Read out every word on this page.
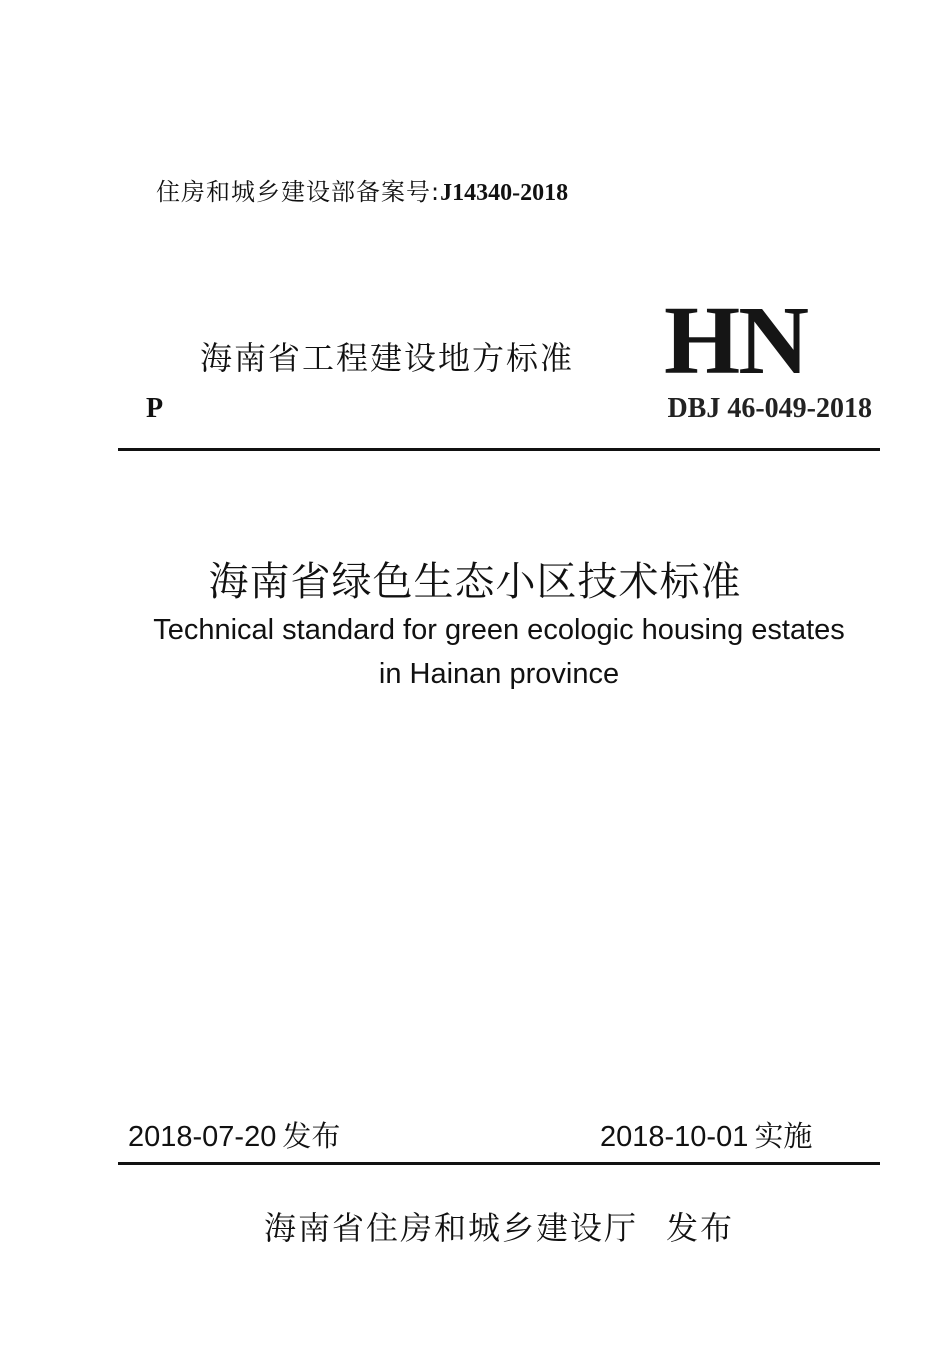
住房和城乡建设部备案号:J14340-2018
海南省工程建设地方标准 HN
P	DBJ 46-049-2018
海南省绿色生态小区技术标准
Technical standard for green ecologic housing estates
in Hainan province
2018-07-20 发布	2018-10-01 实施
海南省住房和城乡建设厅 发布
